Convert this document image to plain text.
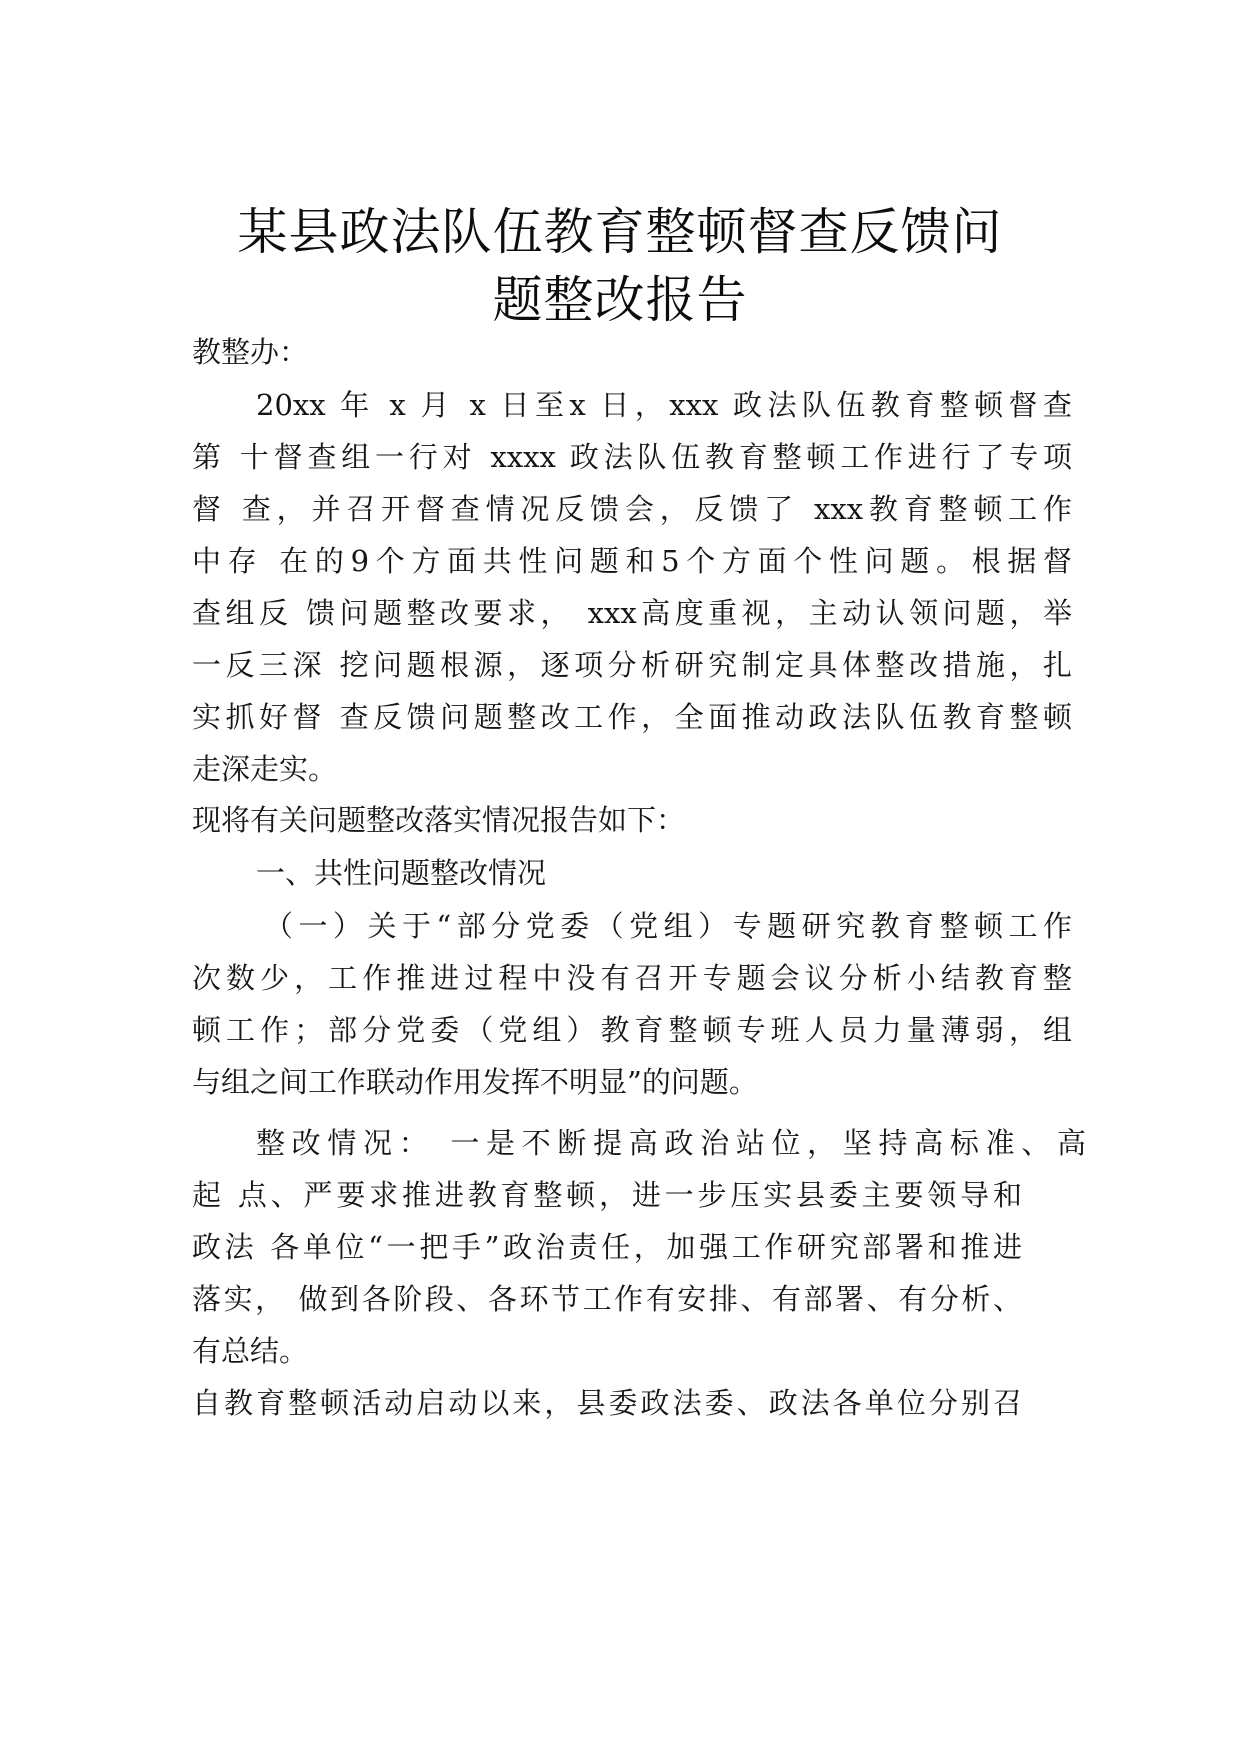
某县政法队伍教育整顿督查反馈问
题整改报告
教整办：
20xx 年 x 月 x 日至x 日，xxx 政法队伍教育整顿督查
第 十督查组一行对 xxxx 政法队伍教育整顿工作进行了专项
督 查，并召开督查情况反馈会，反馈了 xxx教育整顿工作
中存 在的9个方面共性问题和5个方面个性问题。根据督
查组反 馈问题整改要求， xxx高度重视，主动认领问题，举
一反三深 挖问题根源，逐项分析研究制定具体整改措施，扎
实抓好督 查反馈问题整改工作，全面推动政法队伍教育整顿
走深走实。
现将有关问题整改落实情况报告如下：
一、共性问题整改情况
（一）关于“部分党委（党组）专题研究教育整顿工作
次数少，工作推进过程中没有召开专题会议分析小结教育整
顿工作；部分党委（党组）教育整顿专班人员力量薄弱，组
与组之间工作联动作用发挥不明显”的问题。
整改情况： 一是不断提高政治站位，坚持高标准、高
起 点、严要求推进教育整顿，进一步压实县委主要领导和
政法 各单位“一把手”政治责任，加强工作研究部署和推进
落实， 做到各阶段、各环节工作有安排、有部署、有分析、
有总结。
自教育整顿活动启动以来，县委政法委、政法各单位分别召
